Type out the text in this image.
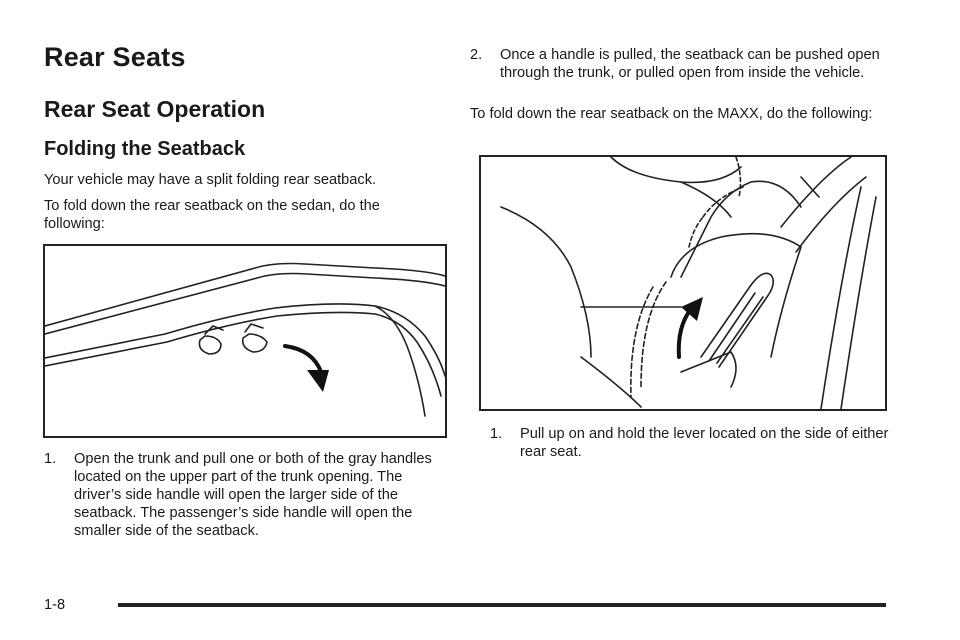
Rear Seats
Rear Seat Operation
Folding the Seatback

Your vehicle may have a split folding rear seatback.

To fold down the rear seatback on the sedan, do the following:

1.	Open the trunk and pull one or both of the gray handles located on the upper part of the trunk opening. The driver’s side handle will open the larger side of the seatback. The passenger’s side handle will open the smaller side of the seatback.
2.	Once a handle is pulled, the seatback can be pushed open through the trunk, or pulled open from inside the vehicle.

To fold down the rear seatback on the MAXX, do the following:

1.	Pull up on and hold the lever located on the side of either rear seat.
1-8
